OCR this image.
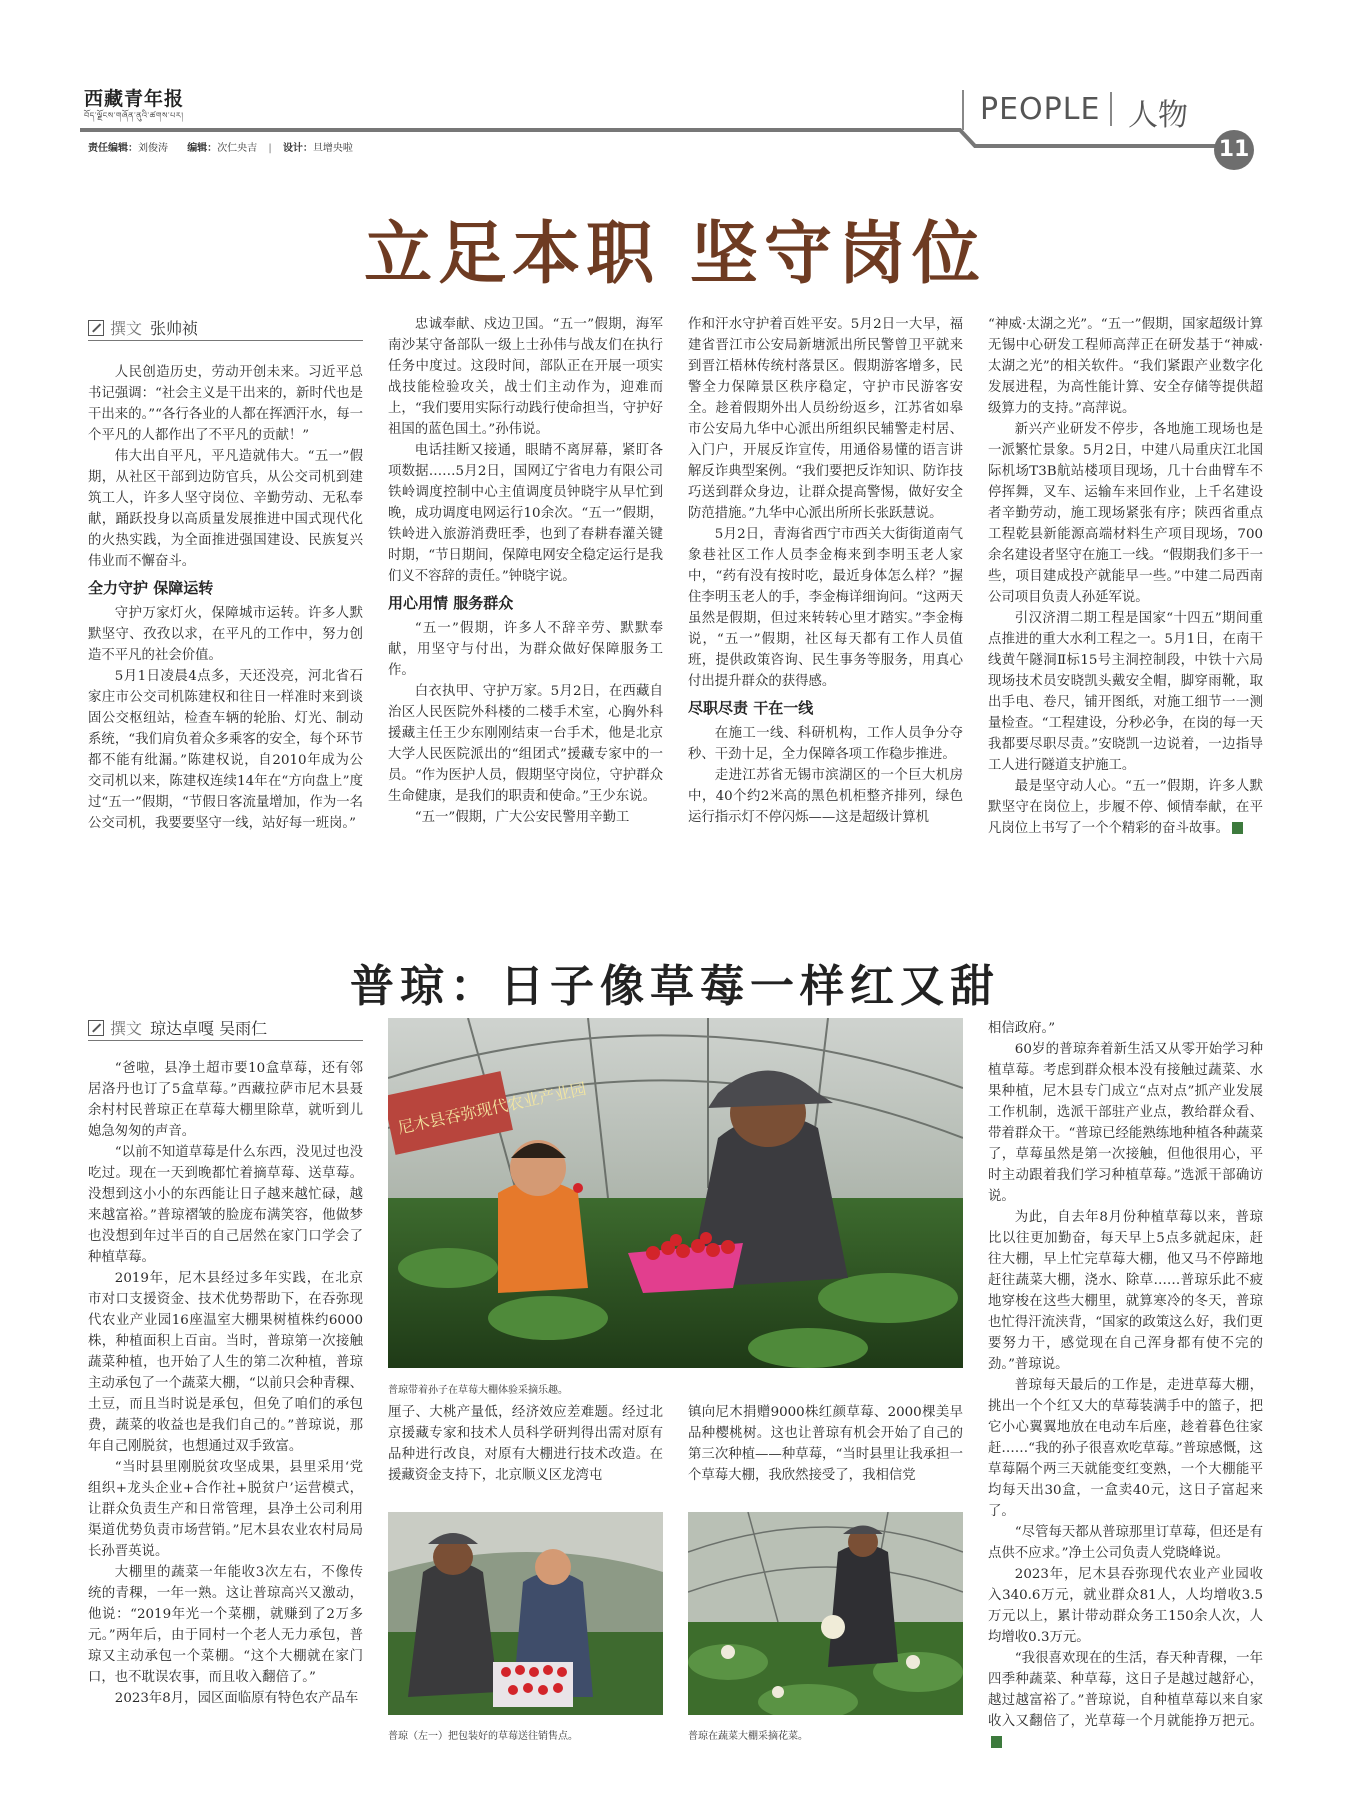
西藏青年报
བོད་ལྗོངས་གཞོན་ནུའི་ཚགས་པར།
责任编辑：刘俊涛 编辑：次仁央吉 | 设计：旦增央啦
PEOPLE 人物
11
立足本职 坚守岗位
撰文 张帅祯

人民创造历史，劳动开创未来。习近平总书记强调：“社会主义是干出来的，新时代也是干出来的。”“各行各业的人都在挥洒汗水，每一个平凡的人都作出了不平凡的贡献！”

伟大出自平凡，平凡造就伟大。“五一”假期，从社区干部到边防官兵，从公交司机到建筑工人，许多人坚守岗位、辛勤劳动、无私奉献，踊跃投身以高质量发展推进中国式现代化的火热实践，为全面推进强国建设、民族复兴伟业而不懈奋斗。

全力守护 保障运转

守护万家灯火，保障城市运转。许多人默默坚守、孜孜以求，在平凡的工作中，努力创造不平凡的社会价值。

5月1日凌晨4点多，天还没亮，河北省石家庄市公交司机陈建权和往日一样准时来到谈固公交枢纽站，检查车辆的轮胎、灯光、制动系统，“我们肩负着众多乘客的安全，每个环节都不能有纰漏。”陈建权说，自2010年成为公交司机以来，陈建权连续14年在“方向盘上”度过“五一”假期，“节假日客流量增加，作为一名公交司机，我要要坚守一线，站好每一班岗。”

忠诚奉献、戍边卫国。“五一”假期，海军南沙某守备部队一级上士孙伟与战友们在执行任务中度过。这段时间，部队正在开展一项实战技能检验攻关，战士们主动作为，迎难而上，“我们要用实际行动践行使命担当，守护好祖国的蓝色国土。”孙伟说。

电话挂断又接通，眼睛不离屏幕，紧盯各项数据……5月2日，国网辽宁省电力有限公司铁岭调度控制中心主值调度员钟晓宇从早忙到晚，成功调度电网运行10余次。“五一”假期，铁岭进入旅游消费旺季，也到了春耕春灌关键时期，“节日期间，保障电网安全稳定运行是我们义不容辞的责任。”钟晓宇说。

用心用情 服务群众

“五一”假期，许多人不辞辛劳、默默奉献，用坚守与付出，为群众做好保障服务工作。

白衣执甲、守护万家。5月2日，在西藏自治区人民医院外科楼的二楼手术室，心胸外科援藏主任王少东刚刚结束一台手术，他是北京大学人民医院派出的“组团式”援藏专家中的一员。“作为医护人员，假期坚守岗位，守护群众生命健康，是我们的职责和使命。”王少东说。

“五一”假期，广大公安民警用辛勤工

作和汗水守护着百姓平安。5月2日一大早，福建省晋江市公安局新塘派出所民警曾卫平就来到晋江梧林传统村落景区。假期游客增多，民警全力保障景区秩序稳定，守护市民游客安全。趁着假期外出人员纷纷返乡，江苏省如皋市公安局九华中心派出所组织民辅警走村居、入门户，开展反诈宣传，用通俗易懂的语言讲解反诈典型案例。“我们要把反诈知识、防诈技巧送到群众身边，让群众提高警惕，做好安全防范措施。”九华中心派出所所长张跃慧说。

5月2日，青海省西宁市西关大街街道南气象巷社区工作人员李金梅来到李明玉老人家中，“药有没有按时吃，最近身体怎么样？”握住李明玉老人的手，李金梅详细询问。“这两天虽然是假期，但过来转转心里才踏实。”李金梅说，“五一”假期，社区每天都有工作人员值班，提供政策咨询、民生事务等服务，用真心付出提升群众的获得感。

尽职尽责 干在一线

在施工一线、科研机构，工作人员争分夺秒、干劲十足，全力保障各项工作稳步推进。

走进江苏省无锡市滨湖区的一个巨大机房中，40个约2米高的黑色机柜整齐排列，绿色运行指示灯不停闪烁——这是超级计算机

“神威·太湖之光”。“五一”假期，国家超级计算无锡中心研发工程师高萍正在研发基于“神威·太湖之光”的相关软件。“我们紧跟产业数字化发展进程，为高性能计算、安全存储等提供超级算力的支持。”高萍说。

新兴产业研发不停步，各地施工现场也是一派繁忙景象。5月2日，中建八局重庆江北国际机场T3B航站楼项目现场，几十台曲臂车不停挥舞，叉车、运输车来回作业，上千名建设者辛勤劳动，施工现场紧张有序；陕西省重点工程乾县新能源高端材料生产项目现场，700余名建设者坚守在施工一线。“假期我们多干一些，项目建成投产就能早一些。”中建二局西南公司项目负责人孙延军说。

引汉济渭二期工程是国家“十四五”期间重点推进的重大水利工程之一。5月1日，在南干线黄午隧洞Ⅱ标15号主洞控制段，中铁十六局现场技术员安晓凯头戴安全帽，脚穿雨靴，取出手电、卷尺，铺开图纸，对施工细节一一测量检查。“工程建设，分秒必争，在岗的每一天我都要尽职尽责。”安晓凯一边说着，一边指导工人进行隧道支护施工。

最是坚守动人心。“五一”假期，许多人默默坚守在岗位上，步履不停、倾情奉献，在平凡岗位上书写了一个个精彩的奋斗故事。

普琼：日子像草莓一样红又甜
撰文 琼达卓嘎 吴雨仁

“爸啦，县净土超市要10盒草莓，还有邻居洛丹也订了5盒草莓。”西藏拉萨市尼木县聂余村村民普琼正在草莓大棚里除草，就听到儿媳急匆匆的声音。

“以前不知道草莓是什么东西，没见过也没吃过。现在一天到晚都忙着摘草莓、送草莓。没想到这小小的东西能让日子越来越忙碌，越来越富裕。”普琼褶皱的脸庞布满笑容，他做梦也没想到年过半百的自己居然在家门口学会了种植草莓。

2019年，尼木县经过多年实践，在北京市对口支援资金、技术优势帮助下，在吞弥现代农业产业园16座温室大棚果树植株约6000株，种植面积上百亩。当时，普琼第一次接触蔬菜种植，也开始了人生的第二次种植，普琼主动承包了一个蔬菜大棚，“以前只会种青稞、土豆，而且当时说是承包，但免了咱们的承包费，蔬菜的收益也是我们自己的。”普琼说，那年自己刚脱贫，也想通过双手致富。

“当时县里刚脱贫攻坚成果，县里采用‘党组织+龙头企业+合作社+脱贫户’运营模式，让群众负责生产和日常管理，县净土公司利用渠道优势负责市场营销。”尼木县农业农村局局长孙晋英说。

大棚里的蔬菜一年能收3次左右，不像传统的青稞，一年一熟。这让普琼高兴又激动，他说：“2019年光一个菜棚，就赚到了2万多元。”两年后，由于同村一个老人无力承包，普琼又主动承包一个菜棚。“这个大棚就在家门口，也不耽误农事，而且收入翻倍了。”

2023年8月，园区面临原有特色农产品车

尼木县吞弥现代农业产业园
普琼带着孙子在草莓大棚体验采摘乐趣。

厘子、大桃产量低，经济效应差难题。经过北京援藏专家和技术人员科学研判得出需对原有品种进行改良，对原有大棚进行技术改造。在援藏资金支持下，北京顺义区龙湾屯

镇向尼木捐赠9000株红颜草莓、2000棵美早品种樱桃树。这也让普琼有机会开始了自己的第三次种植——种草莓，“当时县里让我承担一个草莓大棚，我欣然接受了，我相信党

普琼（左一）把包装好的草莓送往销售点。	普琼在蔬菜大棚采摘花菜。

相信政府。”

60岁的普琼奔着新生活又从零开始学习种植草莓。考虑到群众根本没有接触过蔬菜、水果种植，尼木县专门成立“点对点”抓产业发展工作机制，选派干部驻产业点，教给群众看、带着群众干。“普琼已经能熟练地种植各种蔬菜了，草莓虽然是第一次接触，但他很用心，平时主动跟着我们学习种植草莓。”选派干部确访说。

为此，自去年8月份种植草莓以来，普琼比以往更加勤奋，每天早上5点多就起床，赶往大棚，早上忙完草莓大棚，他又马不停蹄地赶往蔬菜大棚，浇水、除草……普琼乐此不疲地穿梭在这些大棚里，就算寒冷的冬天，普琼也忙得汗流浃背，“国家的政策这么好，我们更要努力干，感觉现在自己浑身都有使不完的劲。”普琼说。

普琼每天最后的工作是，走进草莓大棚，挑出一个个红又大的草莓装满手中的篮子，把它小心翼翼地放在电动车后座，趁着暮色往家赶……“我的孙子很喜欢吃草莓。”普琼感慨，这草莓隔个两三天就能变红变熟，一个大棚能平均每天出30盒，一盒卖40元，这日子富起来了。

“尽管每天都从普琼那里订草莓，但还是有点供不应求。”净土公司负责人党晓峰说。

2023年，尼木县吞弥现代农业产业园收入340.6万元，就业群众81人，人均增收3.5万元以上，累计带动群众务工150余人次，人均增收0.3万元。

“我很喜欢现在的生活，春天种青稞，一年四季种蔬菜、种草莓，这日子是越过越舒心，越过越富裕了。”普琼说，自种植草莓以来自家收入又翻倍了，光草莓一个月就能挣万把元。
